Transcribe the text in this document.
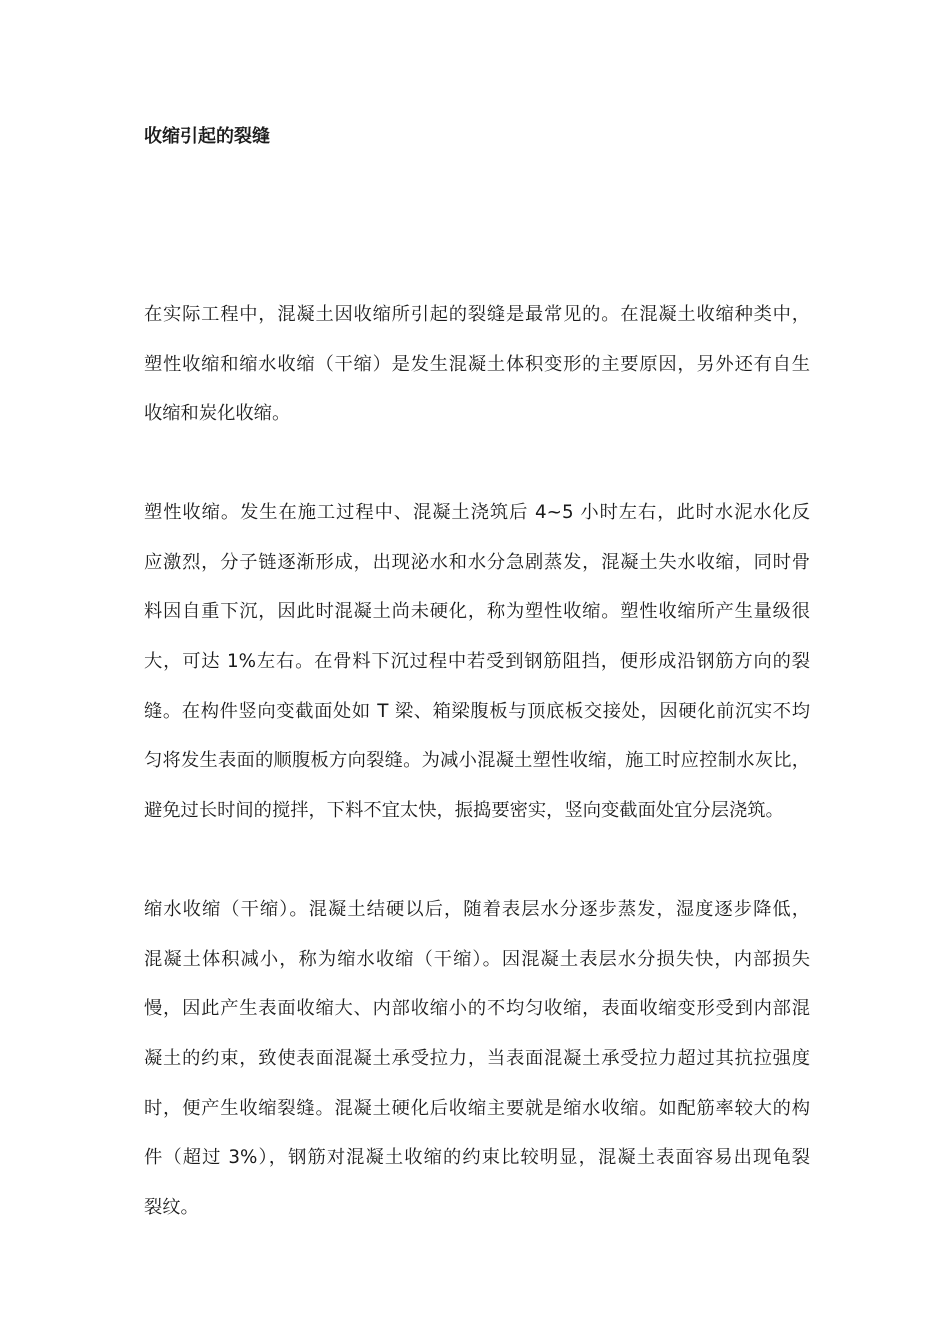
收缩引起的裂缝
在实际工程中，混凝土因收缩所引起的裂缝是最常见的。在混凝土收缩种类中，
塑性收缩和缩水收缩（干缩）是发生混凝土体积变形的主要原因，另外还有自生
收缩和炭化收缩。
塑性收缩。发生在施工过程中、混凝土浇筑后 4~5 小时左右，此时水泥水化反
应激烈，分子链逐渐形成，出现泌水和水分急剧蒸发，混凝土失水收缩，同时骨
料因自重下沉，因此时混凝土尚未硬化，称为塑性收缩。塑性收缩所产生量级很
大，可达 1%左右。在骨料下沉过程中若受到钢筋阻挡，便形成沿钢筋方向的裂
缝。在构件竖向变截面处如 T 梁、箱梁腹板与顶底板交接处，因硬化前沉实不均
匀将发生表面的顺腹板方向裂缝。为减小混凝土塑性收缩，施工时应控制水灰比，
避免过长时间的搅拌，下料不宜太快，振捣要密实，竖向变截面处宜分层浇筑。
缩水收缩（干缩）。混凝土结硬以后，随着表层水分逐步蒸发，湿度逐步降低，
混凝土体积减小，称为缩水收缩（干缩）。因混凝土表层水分损失快，内部损失
慢，因此产生表面收缩大、内部收缩小的不均匀收缩，表面收缩变形受到内部混
凝土的约束，致使表面混凝土承受拉力，当表面混凝土承受拉力超过其抗拉强度
时，便产生收缩裂缝。混凝土硬化后收缩主要就是缩水收缩。如配筋率较大的构
件（超过 3%），钢筋对混凝土收缩的约束比较明显，混凝土表面容易出现龟裂
裂纹。
